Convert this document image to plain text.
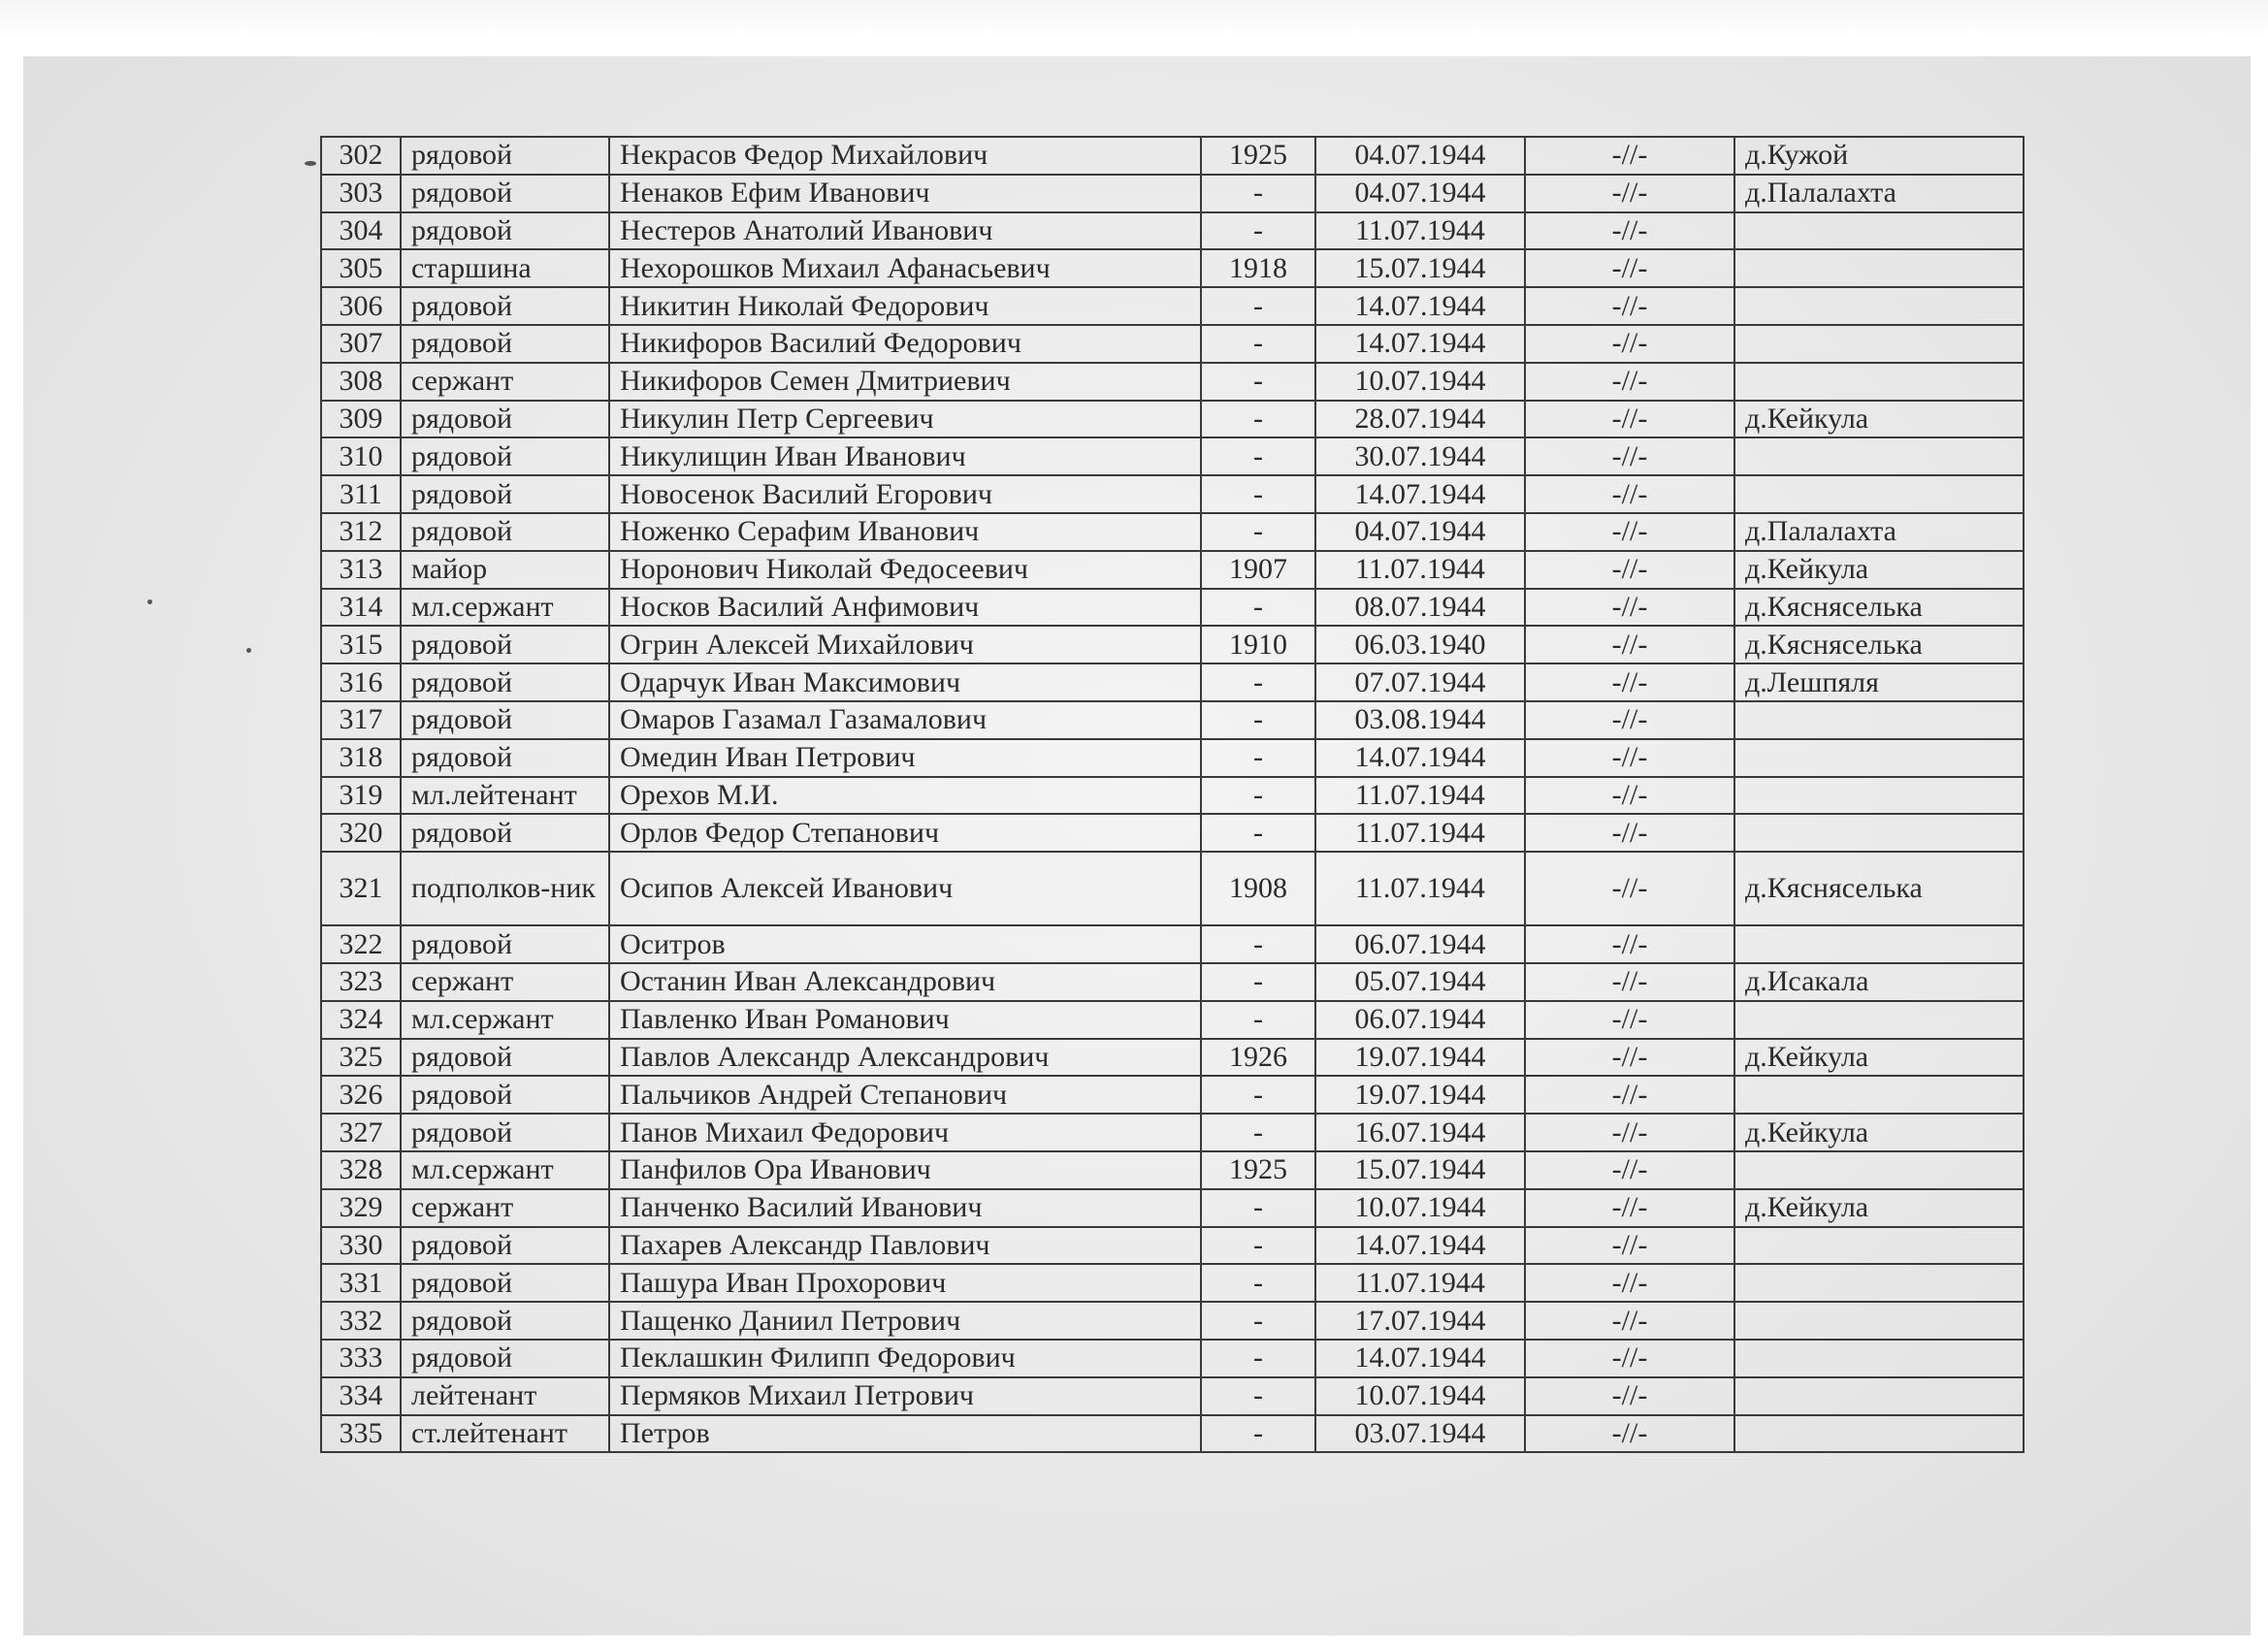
302	рядовой	Некрасов Федор Михайлович	1925	04.07.1944	-//-	д.Кужой
303	рядовой	Ненаков Ефим Иванович	-	04.07.1944	-//-	д.Палалахта
304	рядовой	Нестеров Анатолий Иванович	-	11.07.1944	-//-	
305	старшина	Нехорошков Михаил Афанасьевич	1918	15.07.1944	-//-	
306	рядовой	Никитин Николай Федорович	-	14.07.1944	-//-	
307	рядовой	Никифоров Василий Федорович	-	14.07.1944	-//-	
308	сержант	Никифоров Семен Дмитриевич	-	10.07.1944	-//-	
309	рядовой	Никулин Петр Сергеевич	-	28.07.1944	-//-	д.Кейкула
310	рядовой	Никулищин Иван Иванович	-	30.07.1944	-//-	
311	рядовой	Новосенок Василий Егорович	-	14.07.1944	-//-	
312	рядовой	Ноженко Серафим Иванович	-	04.07.1944	-//-	д.Палалахта
313	майор	Норонович Николай Федосеевич	1907	11.07.1944	-//-	д.Кейкула
314	мл.сержант	Носков Василий Анфимович	-	08.07.1944	-//-	д.Кясняселька
315	рядовой	Огрин Алексей Михайлович	1910	06.03.1940	-//-	д.Кясняселька
316	рядовой	Одарчук Иван Максимович	-	07.07.1944	-//-	д.Лешпяля
317	рядовой	Омаров Газамал Газамалович	-	03.08.1944	-//-	
318	рядовой	Омедин Иван Петрович	-	14.07.1944	-//-	
319	мл.лейтенант	Орехов М.И.	-	11.07.1944	-//-	
320	рядовой	Орлов Федор Степанович	-	11.07.1944	-//-	
321	подполков-ник	Осипов Алексей Иванович	1908	11.07.1944	-//-	д.Кясняселька
322	рядовой	Оситров	-	06.07.1944	-//-	
323	сержант	Останин Иван Александрович	-	05.07.1944	-//-	д.Исакала
324	мл.сержант	Павленко Иван Романович	-	06.07.1944	-//-	
325	рядовой	Павлов Александр Александрович	1926	19.07.1944	-//-	д.Кейкула
326	рядовой	Пальчиков Андрей Степанович	-	19.07.1944	-//-	
327	рядовой	Панов Михаил Федорович	-	16.07.1944	-//-	д.Кейкула
328	мл.сержант	Панфилов Ора Иванович	1925	15.07.1944	-//-	
329	сержант	Панченко Василий Иванович	-	10.07.1944	-//-	д.Кейкула
330	рядовой	Пахарев Александр Павлович	-	14.07.1944	-//-	
331	рядовой	Пашура Иван Прохорович	-	11.07.1944	-//-	
332	рядовой	Пащенко Даниил Петрович	-	17.07.1944	-//-	
333	рядовой	Пеклашкин Филипп Федорович	-	14.07.1944	-//-	
334	лейтенант	Пермяков Михаил Петрович	-	10.07.1944	-//-	
335	ст.лейтенант	Петров	-	03.07.1944	-//-	
